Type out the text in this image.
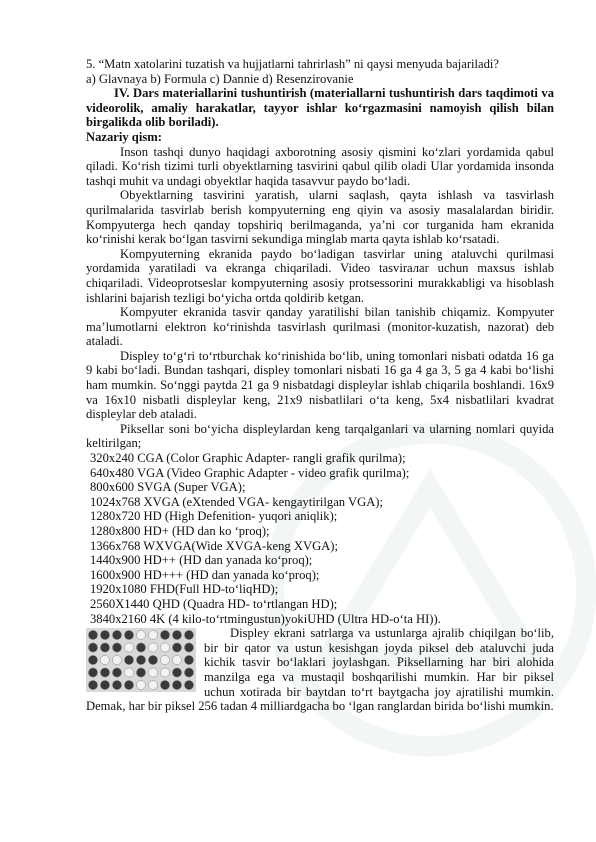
5. “Matn xatolarini tuzatish va hujjatlarni tahrirlash” ni qaysi menyuda bajariladi?

a) Glavnaya b) Formula c) Dannie d) Resenzirovanie

IV. Dars materiallarini tushuntirish (materiallarni tushuntirish dars taqdimoti va videorolik, amaliy harakatlar, tayyor ishlar ko‘rgazmasini namoyish qilish bilan birgalikda olib boriladi).

Nazariy qism:

Inson tashqi dunyo haqidagi axborotning asosiy qismini ko‘zlari yordamida qabul qiladi. Ko‘rish tizimi turli obyektlarning tasvirini qabul qilib oladi Ular yordamida insonda tashqi muhit va undagi obyektlar haqida tasavvur paydo bo‘ladi.

Obyektlarning tasvirini yaratish, ularni saqlash, qayta ishlash va tasvirlash qurilmalarida tasvirlab berish kompyuterning eng qiyin va asosiy masalalardan biridir. Kompyuterga hech qanday topshiriq berilmaganda, ya’ni cor turganida ham ekranida ko‘rinishi kerak bo‘lgan tasvirni sekundiga minglab marta qayta ishlab ko‘rsatadi.

Kompyuterning ekranida paydo bo‘ladigan tasvirlar uning ataluvchi qurilmasi yordamida yaratiladi va ekranga chiqariladi. Video tasvirалar uchun maxsus ishlab chiqariladi. Videoprotseslar kompyuterning asosiy protsessorini murakkabligi va hisoblash ishlarini bajarish tezligi bo‘yicha ortda qoldirib ketgan.

Kompyuter ekranida tasvir qanday yaratilishi bilan tanishib chiqamiz. Kompyuter ma’lumotlarni elektron ko‘rinishda tasvirlash qurilmasi (monitor-kuzatish, nazorat) deb ataladi.

Displey to‘g‘ri to‘rtburchak ko‘rinishida bo‘lib, uning tomonlari nisbati odatda 16 ga 9 kabi bo‘ladi. Bundan tashqari, displey tomonlari nisbati 16 ga 4 ga 3, 5 ga 4 kabi bo‘lishi ham mumkin. So‘nggi paytda 21 ga 9 nisbatdagi displeylar ishlab chiqarila boshlandi. 16x9 va 16x10 nisbatli displeylar keng, 21x9 nisbatlilari o‘ta keng, 5x4 nisbatlilari kvadrat displeylar deb ataladi.

Piksellar soni bo‘yicha displeylardan keng tarqalganlari va ularning nomlari quyida keltirilgan;

320x240 CGA (Color Graphic Adapter- rangli grafik qurilma);

640x480 VGA (Video Graphic Adapter - video grafik qurilma);

800x600 SVGA (Super VGA);

1024x768 XVGA (eXtended VGA- kengaytirilgan VGA);

1280x720 HD (High Defenition- yuqori aniqlik);

1280x800 HD+ (HD dan ko ‘proq);

1366x768 WXVGA(Wide XVGA-keng XVGA);

1440x900 HD++ (HD dan yanada ko‘proq);

1600x900 HD+++ (HD dan yanada ko‘proq);

1920x1080 FHD(Full HD-to‘liqHD);

2560X1440 QHD (Quadra HD- to‘rtlangan HD);

3840x2160 4K (4 kilo-to‘rtmingustun)yokiUHD (Ultra HD-o‘ta HI)).

Displey ekrani satrlarga va ustunlarga ajralib chiqilgan bo‘lib, bir bir qator va ustun kesishgan joyda piksel deb ataluvchi juda kichik tasvir bo‘laklari joylashgan. Piksellarning har biri alohida manzilga ega va mustaqil boshqarilishi mumkin. Har bir piksel uchun xotirada bir baytdan to‘rt baytgacha joy ajratilishi mumkin. Demak, har bir piksel 256 tadan 4 milliardgacha bo ‘lgan ranglardan birida bo‘lishi mumkin.
